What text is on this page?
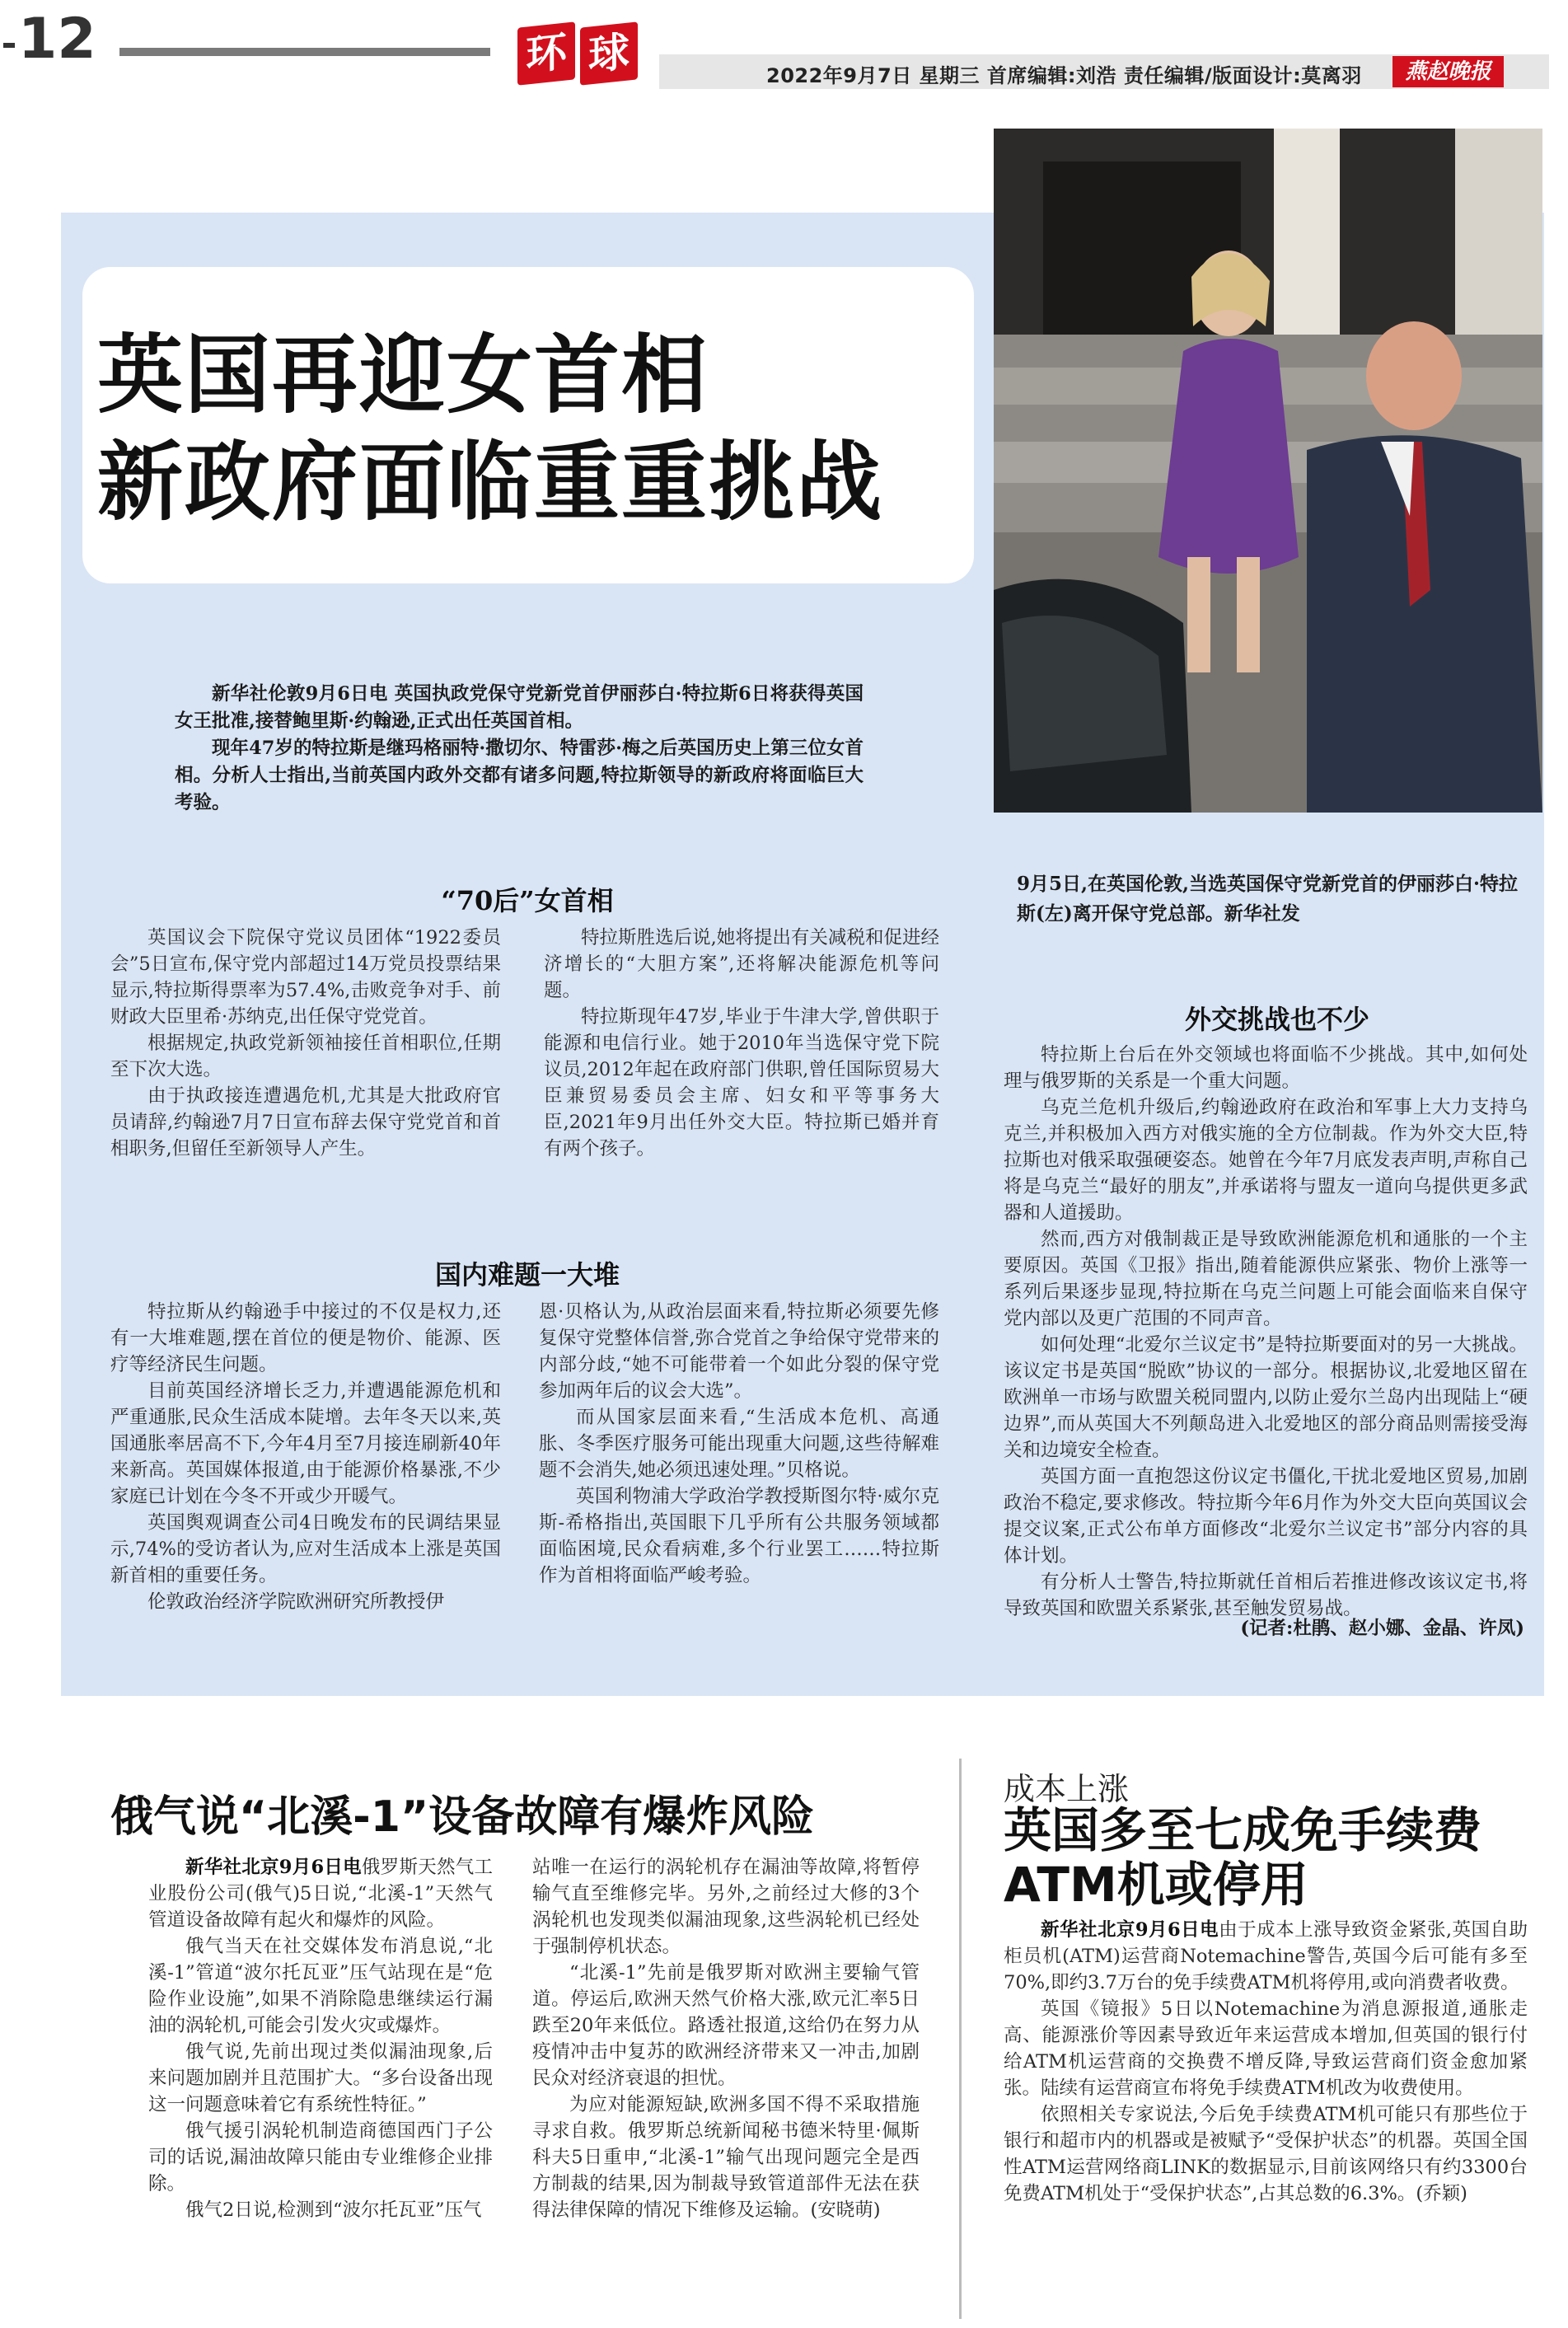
12	环 球	2022年9月7日 星期三 首席编辑:刘浩 责任编辑/版面设计:莫离羽	燕赵晚报
英国再迎女首相
新政府面临重重挑战
9月5日,在英国伦敦,当选英国保守党新党首的伊丽莎白·特拉斯(左)离开保守党总部。新华社发

新华社伦敦9月6日电 英国执政党保守党新党首伊丽莎白·特拉斯6日将获得英国女王批准,接替鲍里斯·约翰逊,正式出任英国首相。

现年47岁的特拉斯是继玛格丽特·撒切尔、特雷莎·梅之后英国历史上第三位女首相。分析人士指出,当前英国内政外交都有诸多问题,特拉斯领导的新政府将面临巨大考验。

“70后”女首相

英国议会下院保守党议员团体“1922委员会”5日宣布,保守党内部超过14万党员投票结果显示,特拉斯得票率为57.4%,击败竞争对手、前财政大臣里希·苏纳克,出任保守党党首。

根据规定,执政党新领袖接任首相职位,任期至下次大选。

由于执政接连遭遇危机,尤其是大批政府官员请辞,约翰逊7月7日宣布辞去保守党党首和首相职务,但留任至新领导人产生。

特拉斯胜选后说,她将提出有关减税和促进经济增长的“大胆方案”,还将解决能源危机等问题。

特拉斯现年47岁,毕业于牛津大学,曾供职于能源和电信行业。她于2010年当选保守党下院议员,2012年起在政府部门供职,曾任国际贸易大臣兼贸易委员会主席、妇女和平等事务大臣,2021年9月出任外交大臣。特拉斯已婚并育有两个孩子。

国内难题一大堆

特拉斯从约翰逊手中接过的不仅是权力,还有一大堆难题,摆在首位的便是物价、能源、医疗等经济民生问题。

目前英国经济增长乏力,并遭遇能源危机和严重通胀,民众生活成本陡增。去年冬天以来,英国通胀率居高不下,今年4月至7月接连刷新40年来新高。英国媒体报道,由于能源价格暴涨,不少家庭已计划在今冬不开或少开暖气。

英国舆观调查公司4日晚发布的民调结果显示,74%的受访者认为,应对生活成本上涨是英国新首相的重要任务。

伦敦政治经济学院欧洲研究所教授伊

恩·贝格认为,从政治层面来看,特拉斯必须要先修复保守党整体信誉,弥合党首之争给保守党带来的内部分歧,“她不可能带着一个如此分裂的保守党参加两年后的议会大选”。

而从国家层面来看,“生活成本危机、高通胀、冬季医疗服务可能出现重大问题,这些待解难题不会消失,她必须迅速处理。”贝格说。

英国利物浦大学政治学教授斯图尔特·威尔克斯-希格指出,英国眼下几乎所有公共服务领域都面临困境,民众看病难,多个行业罢工……特拉斯作为首相将面临严峻考验。

外交挑战也不少

特拉斯上台后在外交领域也将面临不少挑战。其中,如何处理与俄罗斯的关系是一个重大问题。

乌克兰危机升级后,约翰逊政府在政治和军事上大力支持乌克兰,并积极加入西方对俄实施的全方位制裁。作为外交大臣,特拉斯也对俄采取强硬姿态。她曾在今年7月底发表声明,声称自己将是乌克兰“最好的朋友”,并承诺将与盟友一道向乌提供更多武器和人道援助。

然而,西方对俄制裁正是导致欧洲能源危机和通胀的一个主要原因。英国《卫报》指出,随着能源供应紧张、物价上涨等一系列后果逐步显现,特拉斯在乌克兰问题上可能会面临来自保守党内部以及更广范围的不同声音。

如何处理“北爱尔兰议定书”是特拉斯要面对的另一大挑战。该议定书是英国“脱欧”协议的一部分。根据协议,北爱地区留在欧洲单一市场与欧盟关税同盟内,以防止爱尔兰岛内出现陆上“硬边界”,而从英国大不列颠岛进入北爱地区的部分商品则需接受海关和边境安全检查。

英国方面一直抱怨这份议定书僵化,干扰北爱地区贸易,加剧政治不稳定,要求修改。特拉斯今年6月作为外交大臣向英国议会提交议案,正式公布单方面修改“北爱尔兰议定书”部分内容的具体计划。

有分析人士警告,特拉斯就任首相后若推进修改该议定书,将导致英国和欧盟关系紧张,甚至触发贸易战。

(记者:杜鹃、赵小娜、金晶、许凤)
俄气说“北溪-1”设备故障有爆炸风险

新华社北京9月6日电俄罗斯天然气工业股份公司(俄气)5日说,“北溪-1”天然气管道设备故障有起火和爆炸的风险。

俄气当天在社交媒体发布消息说,“北溪-1”管道“波尔托瓦亚”压气站现在是“危险作业设施”,如果不消除隐患继续运行漏油的涡轮机,可能会引发火灾或爆炸。

俄气说,先前出现过类似漏油现象,后来问题加剧并且范围扩大。“多台设备出现这一问题意味着它有系统性特征。”

俄气援引涡轮机制造商德国西门子公司的话说,漏油故障只能由专业维修企业排除。

俄气2日说,检测到“波尔托瓦亚”压气

站唯一在运行的涡轮机存在漏油等故障,将暂停输气直至维修完毕。另外,之前经过大修的3个涡轮机也发现类似漏油现象,这些涡轮机已经处于强制停机状态。

“北溪-1”先前是俄罗斯对欧洲主要输气管道。停运后,欧洲天然气价格大涨,欧元汇率5日跌至20年来低位。路透社报道,这给仍在努力从疫情冲击中复苏的欧洲经济带来又一冲击,加剧民众对经济衰退的担忧。

为应对能源短缺,欧洲多国不得不采取措施寻求自救。俄罗斯总统新闻秘书德米特里·佩斯科夫5日重申,“北溪-1”输气出现问题完全是西方制裁的结果,因为制裁导致管道部件无法在获得法律保障的情况下维修及运输。(安晓萌)

成本上涨
英国多至七成免手续费
ATM机或停用

新华社北京9月6日电由于成本上涨导致资金紧张,英国自助柜员机(ATM)运营商Notemachine警告,英国今后可能有多至70%,即约3.7万台的免手续费ATM机将停用,或向消费者收费。

英国《镜报》5日以Notemachine为消息源报道,通胀走高、能源涨价等因素导致近年来运营成本增加,但英国的银行付给ATM机运营商的交换费不增反降,导致运营商们资金愈加紧张。陆续有运营商宣布将免手续费ATM机改为收费使用。

依照相关专家说法,今后免手续费ATM机可能只有那些位于银行和超市内的机器或是被赋予“受保护状态”的机器。英国全国性ATM运营网络商LINK的数据显示,目前该网络只有约3300台免费ATM机处于“受保护状态”,占其总数的6.3%。(乔颖)
